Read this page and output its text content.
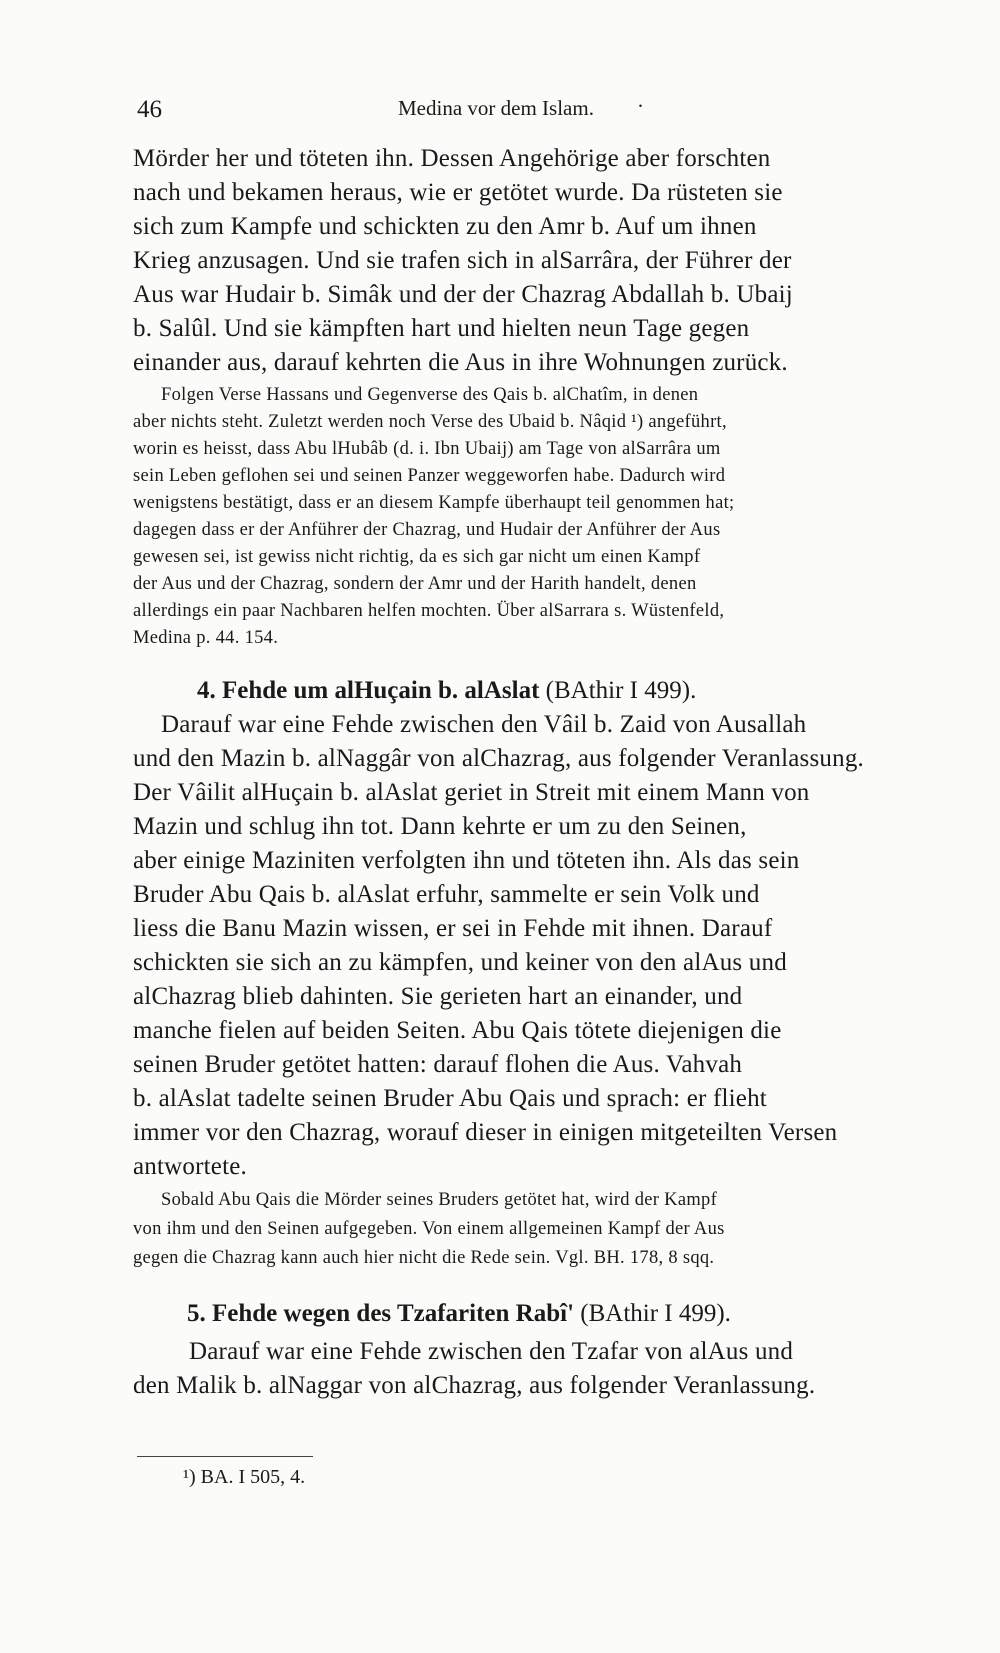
46	Medina vor dem Islam. ·
Mörder her und töteten ihn. Dessen Angehörige aber forschten
nach und bekamen heraus, wie er getötet wurde. Da rüsteten sie
sich zum Kampfe und schickten zu den Amr b. Auf um ihnen
Krieg anzusagen. Und sie trafen sich in alSarrâra, der Führer der
Aus war Hudair b. Simâk und der der Chazrag Abdallah b. Ubaij
b. Salûl. Und sie kämpften hart und hielten neun Tage gegen
einander aus, darauf kehrten die Aus in ihre Wohnungen zurück.
Folgen Verse Hassans und Gegenverse des Qais b. alChatîm, in denen
aber nichts steht. Zuletzt werden noch Verse des Ubaid b. Nâqid ¹) angeführt,
worin es heisst, dass Abu lHubâb (d. i. Ibn Ubaij) am Tage von alSarrâra um
sein Leben geflohen sei und seinen Panzer weggeworfen habe. Dadurch wird
wenigstens bestätigt, dass er an diesem Kampfe überhaupt teil genommen hat;
dagegen dass er der Anführer der Chazrag, und Hudair der Anführer der Aus
gewesen sei, ist gewiss nicht richtig, da es sich gar nicht um einen Kampf
der Aus und der Chazrag, sondern der Amr und der Harith handelt, denen
allerdings ein paar Nachbaren helfen mochten. Über alSarrara s. Wüstenfeld,
Medina p. 44. 154.
4. Fehde um alHuçain b. alAslat (BAthir I 499).
Darauf war eine Fehde zwischen den Vâil b. Zaid von Ausallah
und den Mazin b. alNaggâr von alChazrag, aus folgender Veranlassung.
Der Vâilit alHuçain b. alAslat geriet in Streit mit einem Mann von
Mazin und schlug ihn tot. Dann kehrte er um zu den Seinen,
aber einige Maziniten verfolgten ihn und töteten ihn. Als das sein
Bruder Abu Qais b. alAslat erfuhr, sammelte er sein Volk und
liess die Banu Mazin wissen, er sei in Fehde mit ihnen. Darauf
schickten sie sich an zu kämpfen, und keiner von den alAus und
alChazrag blieb dahinten. Sie gerieten hart an einander, und
manche fielen auf beiden Seiten. Abu Qais tötete diejenigen die
seinen Bruder getötet hatten: darauf flohen die Aus. Vahvah
b. alAslat tadelte seinen Bruder Abu Qais und sprach: er flieht
immer vor den Chazrag, worauf dieser in einigen mitgeteilten Versen
antwortete.
Sobald Abu Qais die Mörder seines Bruders getötet hat, wird der Kampf
von ihm und den Seinen aufgegeben. Von einem allgemeinen Kampf der Aus
gegen die Chazrag kann auch hier nicht die Rede sein. Vgl. BH. 178, 8 sqq.
5. Fehde wegen des Tzafariten Rabî' (BAthir I 499).
Darauf war eine Fehde zwischen den Tzafar von alAus und
den Malik b. alNaggar von alChazrag, aus folgender Veranlassung.
¹) BA. I 505, 4.
